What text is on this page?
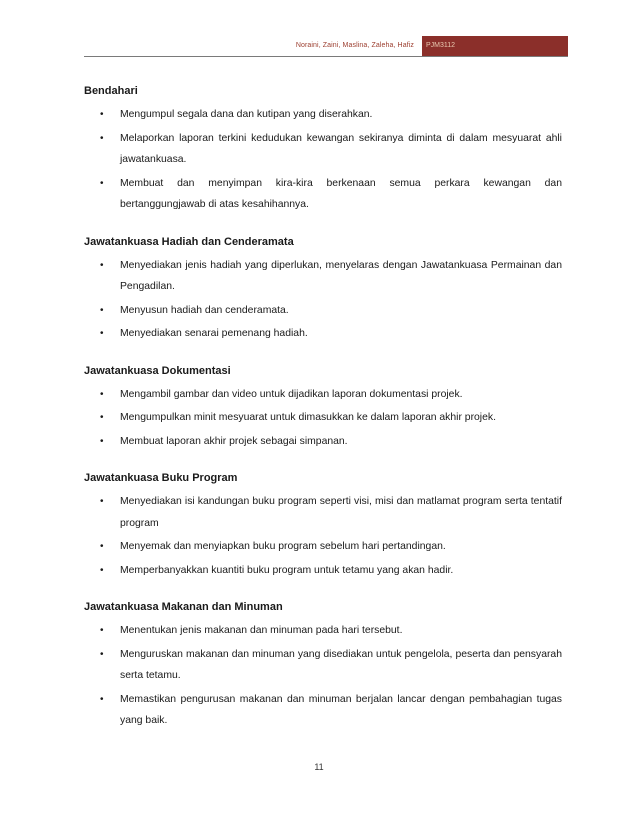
Noraini, Zaini, Maslina, Zaleha, Hafiz	PJM3112
Bendahari
• Mengumpul segala dana dan kutipan yang diserahkan.
• Melaporkan laporan terkini kedudukan kewangan sekiranya diminta di dalam mesyuarat ahli jawatankuasa.
• Membuat dan menyimpan kira-kira berkenaan semua perkara kewangan dan bertanggungjawab di atas kesahihannya.
Jawatankuasa Hadiah dan Cenderamata
• Menyediakan jenis hadiah yang diperlukan, menyelaras dengan Jawatankuasa Permainan dan Pengadilan.
• Menyusun hadiah dan cenderamata.
• Menyediakan senarai pemenang hadiah.
Jawatankuasa Dokumentasi
• Mengambil gambar dan video untuk dijadikan laporan dokumentasi projek.
• Mengumpulkan minit mesyuarat untuk dimasukkan ke dalam laporan akhir projek.
• Membuat laporan akhir projek sebagai simpanan.
Jawatankuasa Buku Program
• Menyediakan isi kandungan buku program seperti visi, misi dan matlamat program serta tentatif program
• Menyemak dan menyiapkan buku program sebelum hari pertandingan.
• Memperbanyakkan kuantiti buku program untuk tetamu yang akan hadir.
Jawatankuasa Makanan dan Minuman
• Menentukan jenis makanan dan minuman pada hari tersebut.
• Menguruskan makanan dan minuman yang disediakan untuk pengelola, peserta dan pensyarah serta tetamu.
• Memastikan pengurusan makanan dan minuman berjalan lancar dengan pembahagian tugas yang baik.
11
